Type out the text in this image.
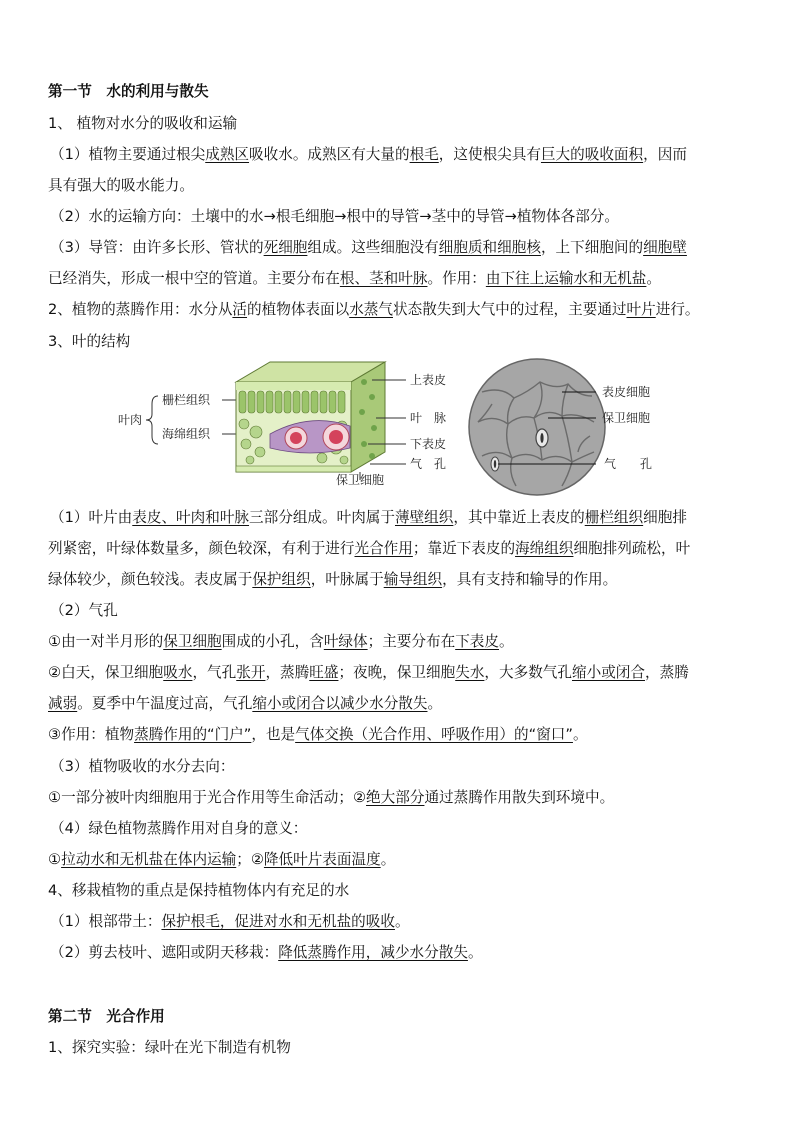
第一节　水的利用与散失
1、 植物对水分的吸收和运输
（1）植物主要通过根尖成熟区吸收水。成熟区有大量的根毛，这使根尖具有巨大的吸收面积，因而
具有强大的吸水能力。
（2）水的运输方向：土壤中的水→根毛细胞→根中的导管→茎中的导管→植物体各部分。
（3）导管：由许多长形、管状的死细胞组成。这些细胞没有细胞质和细胞核，上下细胞间的细胞壁
已经消失，形成一根中空的管道。主要分布在根、茎和叶脉。作用：由下往上运输水和无机盐。
2、植物的蒸腾作用：水分从活的植物体表面以水蒸气状态散失到大气中的过程，主要通过叶片进行。
3、叶的结构
叶肉
栅栏组织
海绵组织
上表皮
叶　脉
下表皮
气　孔
保卫细胞
表皮细胞
保卫细胞
气　　孔
（1）叶片由表皮、叶肉和叶脉三部分组成。叶肉属于薄壁组织，其中靠近上表皮的栅栏组织细胞排
列紧密，叶绿体数量多，颜色较深，有利于进行光合作用；靠近下表皮的海绵组织细胞排列疏松，叶
绿体较少，颜色较浅。表皮属于保护组织，叶脉属于输导组织，具有支持和输导的作用。
（2）气孔
①由一对半月形的保卫细胞围成的小孔，含叶绿体；主要分布在下表皮。
②白天，保卫细胞吸水，气孔张开，蒸腾旺盛；夜晚，保卫细胞失水，大多数气孔缩小或闭合，蒸腾
减弱。夏季中午温度过高，气孔缩小或闭合以减少水分散失。
③作用：植物蒸腾作用的“门户”，也是气体交换（光合作用、呼吸作用）的“窗口”。
（3）植物吸收的水分去向：
①一部分被叶肉细胞用于光合作用等生命活动；②绝大部分通过蒸腾作用散失到环境中。
（4）绿色植物蒸腾作用对自身的意义：
①拉动水和无机盐在体内运输；②降低叶片表面温度。
4、移栽植物的重点是保持植物体内有充足的水
（1）根部带土：保护根毛，促进对水和无机盐的吸收。
（2）剪去枝叶、遮阳或阴天移栽：降低蒸腾作用，减少水分散失。
第二节　光合作用
1、探究实验：绿叶在光下制造有机物
